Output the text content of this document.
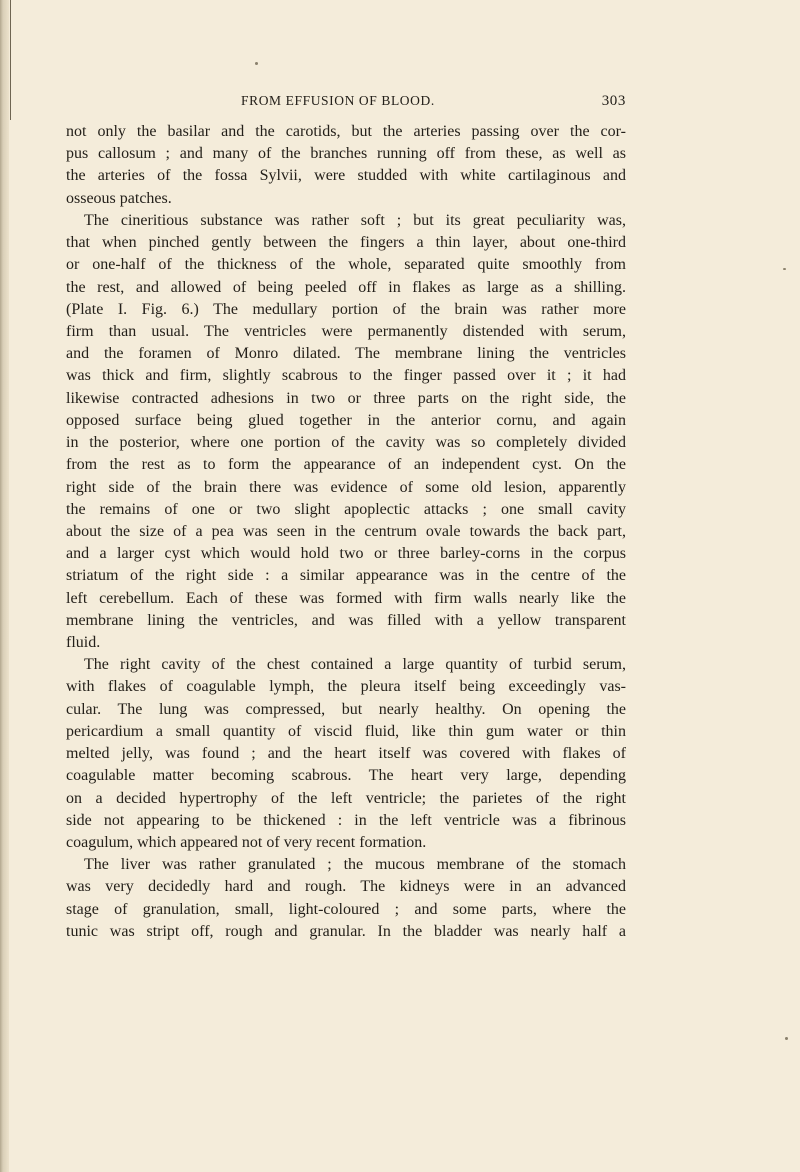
FROM EFFUSION OF BLOOD.	303
not only the basilar and the carotids, but the arteries passing over the cor-
pus callosum ; and many of the branches running off from these, as well as
the arteries of the fossa Sylvii, were studded with white cartilaginous and
osseous patches.
The cineritious substance was rather soft ; but its great peculiarity was,
that when pinched gently between the fingers a thin layer, about one-third
or one-half of the thickness of the whole, separated quite smoothly from
the rest, and allowed of being peeled off in flakes as large as a shilling.
(Plate I. Fig. 6.) The medullary portion of the brain was rather more
firm than usual. The ventricles were permanently distended with serum,
and the foramen of Monro dilated. The membrane lining the ventricles
was thick and firm, slightly scabrous to the finger passed over it ; it had
likewise contracted adhesions in two or three parts on the right side, the
opposed surface being glued together in the anterior cornu, and again
in the posterior, where one portion of the cavity was so completely divided
from the rest as to form the appearance of an independent cyst. On the
right side of the brain there was evidence of some old lesion, apparently
the remains of one or two slight apoplectic attacks ; one small cavity
about the size of a pea was seen in the centrum ovale towards the back part,
and a larger cyst which would hold two or three barley-corns in the corpus
striatum of the right side : a similar appearance was in the centre of the
left cerebellum. Each of these was formed with firm walls nearly like the
membrane lining the ventricles, and was filled with a yellow transparent
fluid.
The right cavity of the chest contained a large quantity of turbid serum,
with flakes of coagulable lymph, the pleura itself being exceedingly vas-
cular. The lung was compressed, but nearly healthy. On opening the
pericardium a small quantity of viscid fluid, like thin gum water or thin
melted jelly, was found ; and the heart itself was covered with flakes of
coagulable matter becoming scabrous. The heart very large, depending
on a decided hypertrophy of the left ventricle; the parietes of the right
side not appearing to be thickened : in the left ventricle was a fibrinous
coagulum, which appeared not of very recent formation.
The liver was rather granulated ; the mucous membrane of the stomach
was very decidedly hard and rough. The kidneys were in an advanced
stage of granulation, small, light-coloured ; and some parts, where the
tunic was stript off, rough and granular. In the bladder was nearly half a
